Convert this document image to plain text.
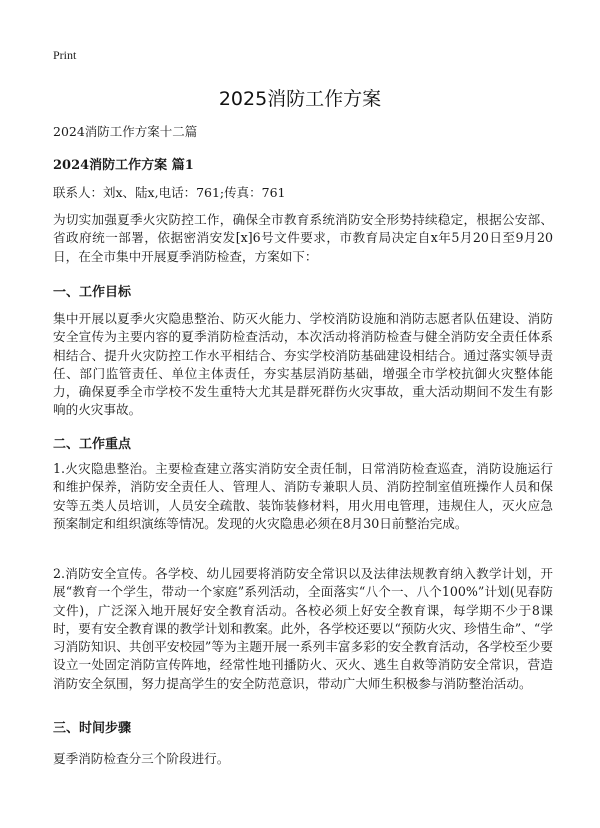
Print
2025消防工作方案
2024消防工作方案十二篇
2024消防工作方案 篇1
联系人：刘x、陆x,电话：761;传真：761

为切实加强夏季火灾防控工作，确保全市教育系统消防安全形势持续稳定，根据公安部、省政府统一部署，依据密消安发[x]6号文件要求，市教育局决定自x年5月20日至9月20日，在全市集中开展夏季消防检查，方案如下：

一、工作目标

集中开展以夏季火灾隐患整治、防灭火能力、学校消防设施和消防志愿者队伍建设、消防安全宣传为主要内容的夏季消防检查活动，本次活动将消防检查与健全消防安全责任体系相结合、提升火灾防控工作水平相结合、夯实学校消防基础建设相结合。通过落实领导责任、部门监管责任、单位主体责任，夯实基层消防基础，增强全市学校抗御火灾整体能力，确保夏季全市学校不发生重特大尤其是群死群伤火灾事故，重大活动期间不发生有影响的火灾事故。

二、工作重点

1.火灾隐患整治。主要检查建立落实消防安全责任制，日常消防检查巡查，消防设施运行和维护保养，消防安全责任人、管理人、消防专兼职人员、消防控制室值班操作人员和保安等五类人员培训，人员安全疏散、装饰装修材料，用火用电管理，违规住人，灭火应急预案制定和组织演练等情况。发现的火灾隐患必须在8月30日前整治完成。

2.消防安全宣传。各学校、幼儿园要将消防安全常识以及法律法规教育纳入教学计划，开展“教育一个学生，带动一个家庭”系列活动，全面落实“八个一、八个100%”计划(见春防文件)，广泛深入地开展好安全教育活动。各校必须上好安全教育课，每学期不少于8课时，要有安全教育课的教学计划和教案。此外，各学校还要以“预防火灾、珍惜生命”、“学习消防知识、共创平安校园”等为主题开展一系列丰富多彩的安全教育活动，各学校至少要设立一处固定消防宣传阵地，经常性地刊播防火、灭火、逃生自救等消防安全常识，营造消防安全氛围，努力提高学生的安全防范意识，带动广大师生积极参与消防整治活动。

三、时间步骤

夏季消防检查分三个阶段进行。
